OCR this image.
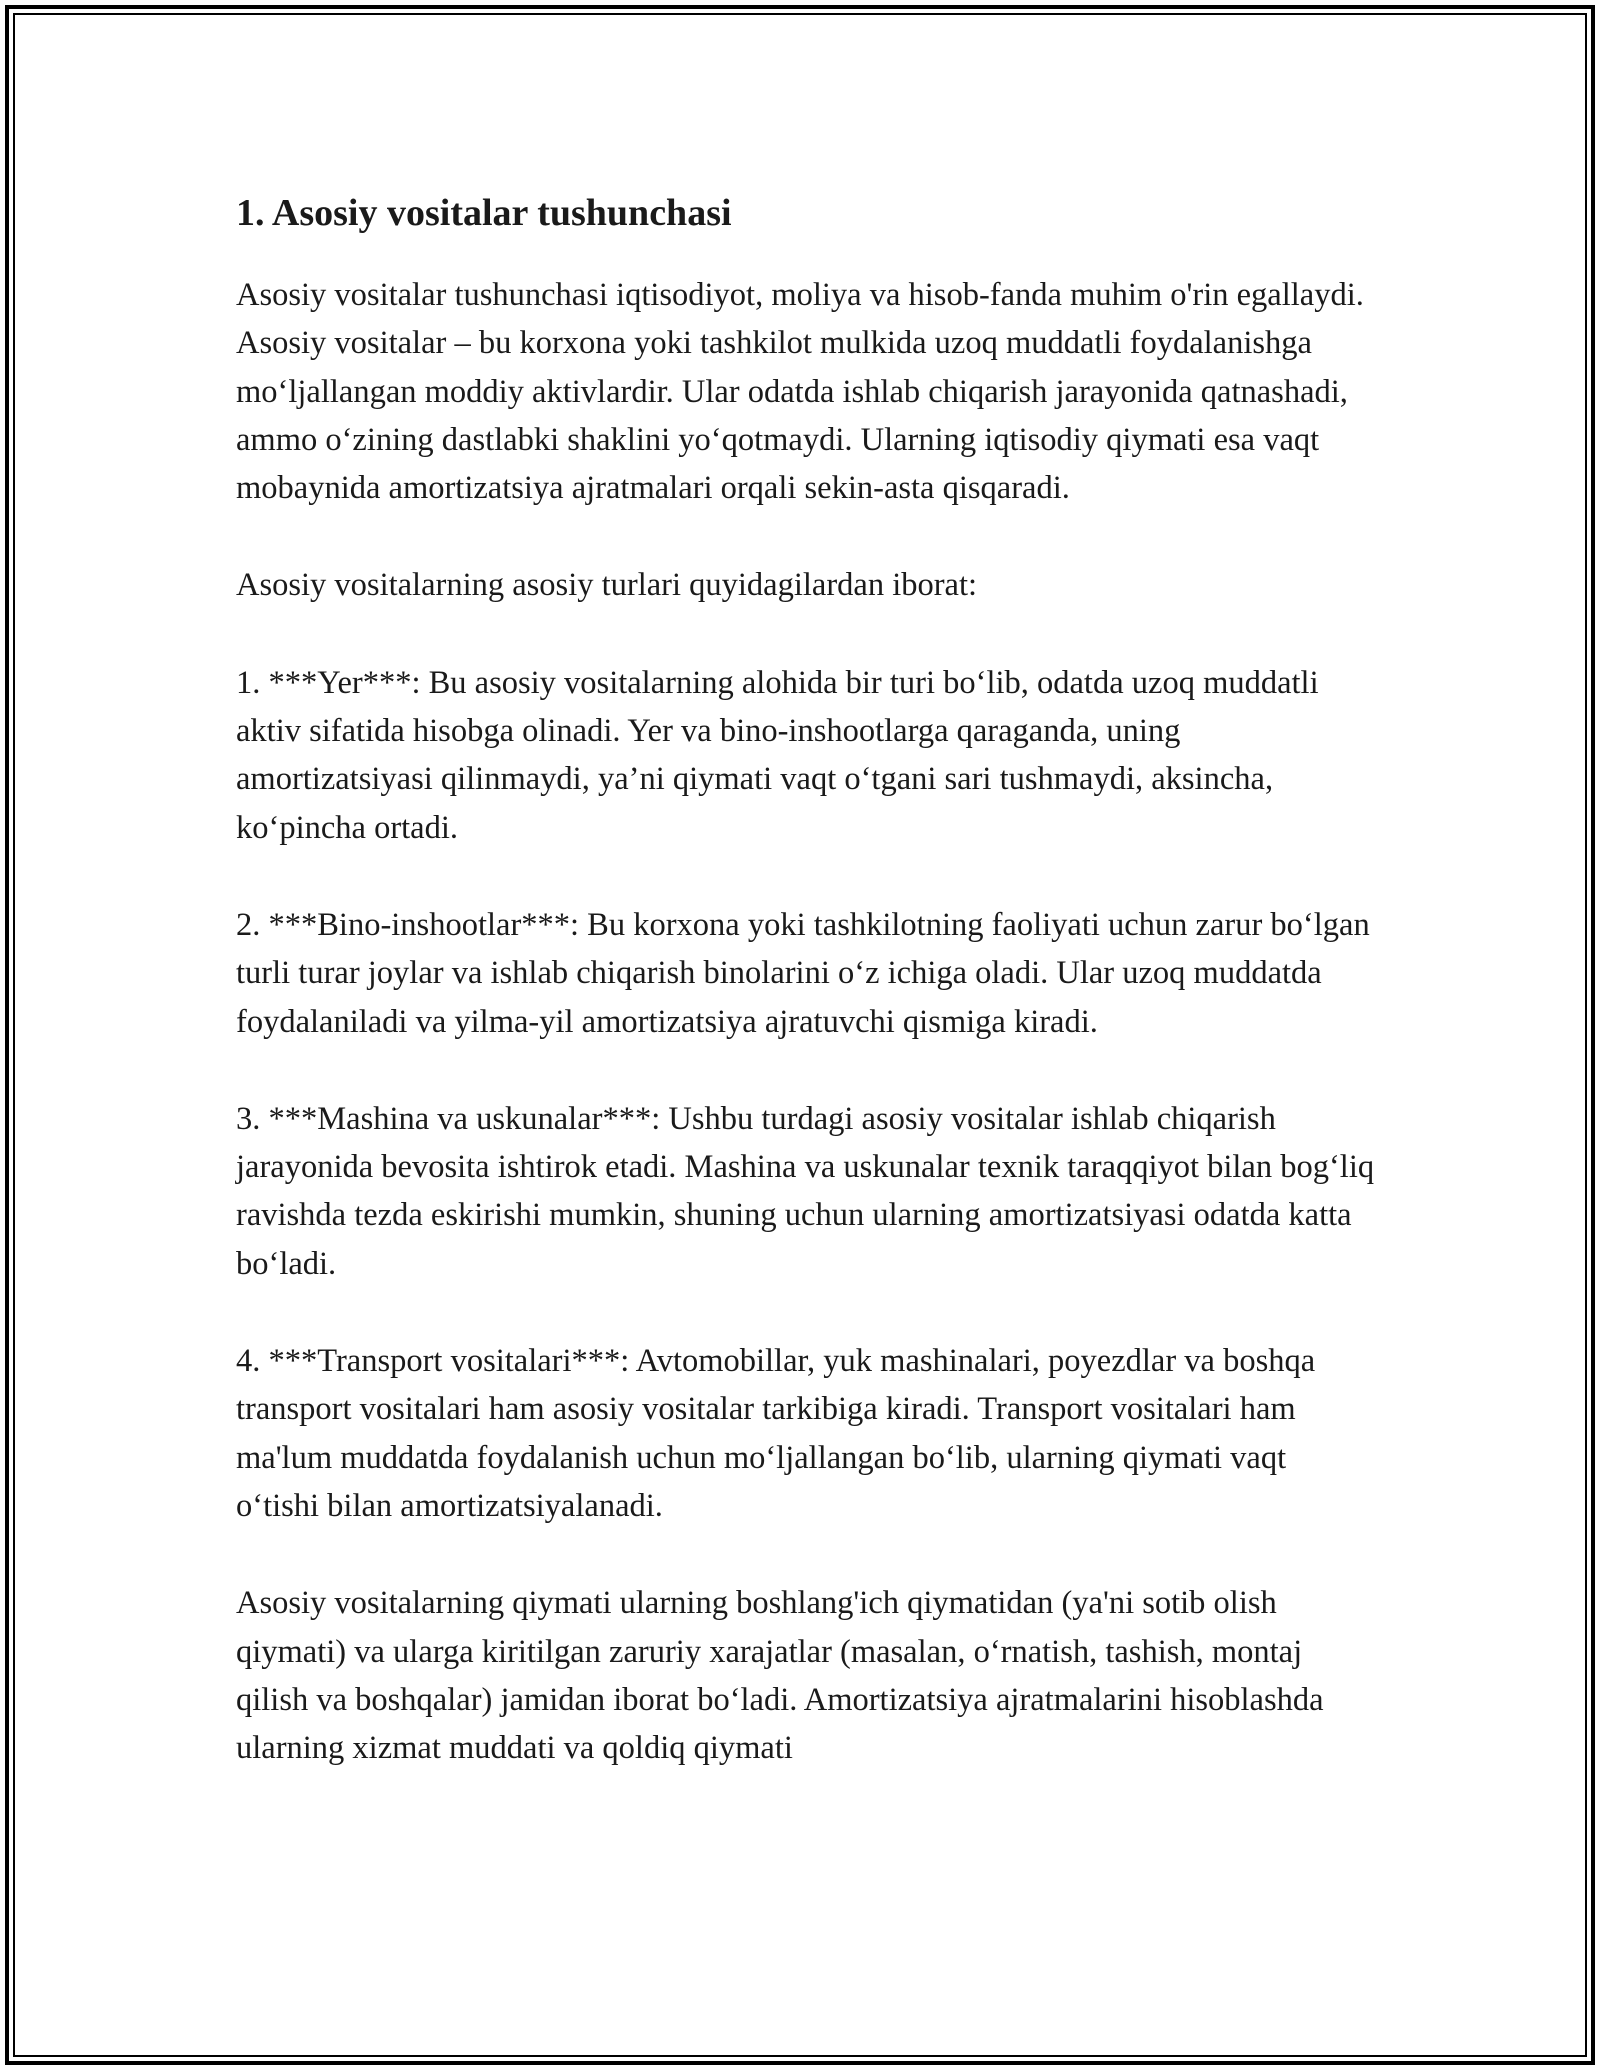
1. Asosiy vositalar tushunchasi

Asosiy vositalar tushunchasi iqtisodiyot, moliya va hisob-fanda muhim o'rin egallaydi. Asosiy vositalar – bu korxona yoki tashkilot mulkida uzoq muddatli foydalanishga mo‘ljallangan moddiy aktivlardir. Ular odatda ishlab chiqarish jarayonida qatnashadi, ammo o‘zining dastlabki shaklini yo‘qotmaydi. Ularning iqtisodiy qiymati esa vaqt mobaynida amortizatsiya ajratmalari orqali sekin-asta qisqaradi.

Asosiy vositalarning asosiy turlari quyidagilardan iborat:

1. ***Yer***: Bu asosiy vositalarning alohida bir turi bo‘lib, odatda uzoq muddatli aktiv sifatida hisobga olinadi. Yer va bino-inshootlarga qaraganda, uning amortizatsiyasi qilinmaydi, ya’ni qiymati vaqt o‘tgani sari tushmaydi, aksincha, ko‘pincha ortadi.

2. ***Bino-inshootlar***: Bu korxona yoki tashkilotning faoliyati uchun zarur bo‘lgan turli turar joylar va ishlab chiqarish binolarini o‘z ichiga oladi. Ular uzoq muddatda foydalaniladi va yilma-yil amortizatsiya ajratuvchi qismiga kiradi.

3. ***Mashina va uskunalar***: Ushbu turdagi asosiy vositalar ishlab chiqarish jarayonida bevosita ishtirok etadi. Mashina va uskunalar texnik taraqqiyot bilan bog‘liq ravishda tezda eskirishi mumkin, shuning uchun ularning amortizatsiyasi odatda katta bo‘ladi.

4. ***Transport vositalari***: Avtomobillar, yuk mashinalari, poyezdlar va boshqa transport vositalari ham asosiy vositalar tarkibiga kiradi. Transport vositalari ham ma'lum muddatda foydalanish uchun mo‘ljallangan bo‘lib, ularning qiymati vaqt o‘tishi bilan amortizatsiyalanadi.

Asosiy vositalarning qiymati ularning boshlang'ich qiymatidan (ya'ni sotib olish qiymati) va ularga kiritilgan zaruriy xarajatlar (masalan, o‘rnatish, tashish, montaj qilish va boshqalar) jamidan iborat bo‘ladi. Amortizatsiya ajratmalarini hisoblashda ularning xizmat muddati va qoldiq qiymati
